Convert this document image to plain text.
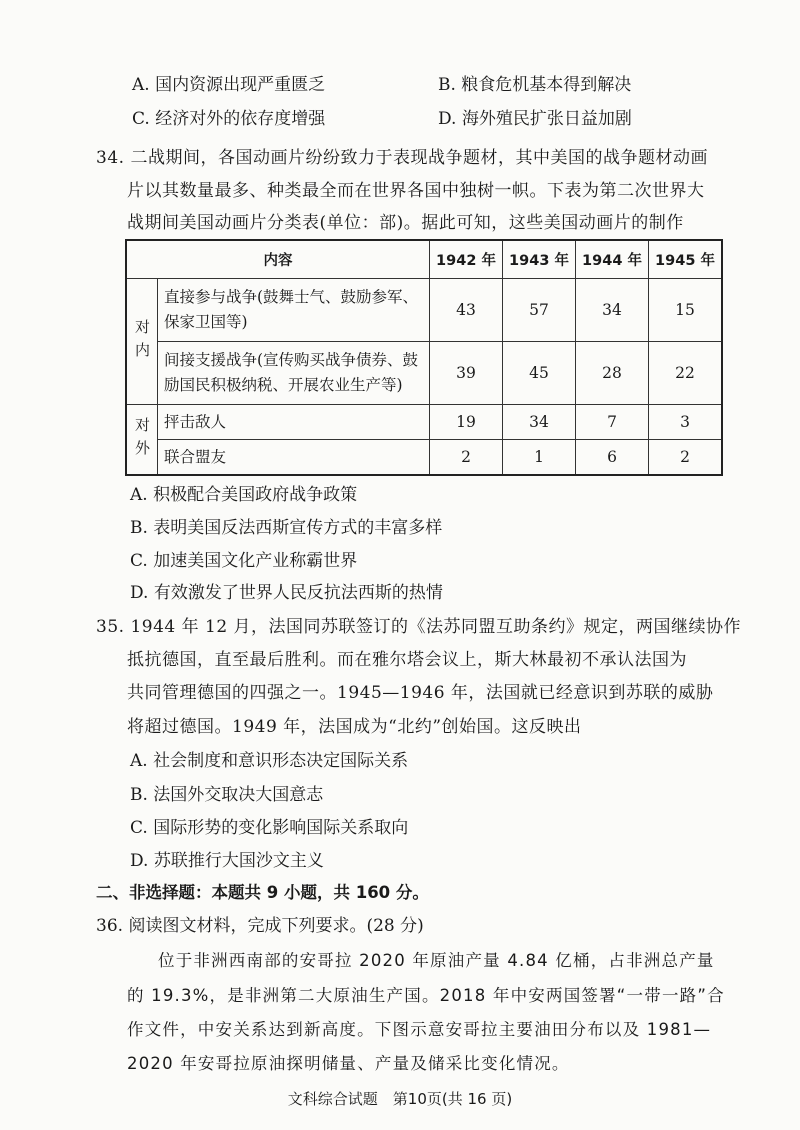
A. 国内资源出现严重匮乏	B. 粮食危机基本得到解决
C. 经济对外的依存度增强	D. 海外殖民扩张日益加剧
34. 二战期间，各国动画片纷纷致力于表现战争题材，其中美国的战争题材动画
片以其数量最多、种类最全而在世界各国中独树一帜。下表为第二次世界大
战期间美国动画片分类表(单位：部)。据此可知，这些美国动画片的制作
内容		1942 年	1943 年	1944 年	1945 年
对内	直接参与战争(鼓舞士气、鼓励参军、
保家卫国等)	43	57	34	15
	间接支援战争(宣传购买战争债券、鼓
励国民积极纳税、开展农业生产等)	39	45	28	22
对外	抨击敌人	19	34	7	3
	联合盟友	2	1	6	2
A. 积极配合美国政府战争政策
B. 表明美国反法西斯宣传方式的丰富多样
C. 加速美国文化产业称霸世界
D. 有效激发了世界人民反抗法西斯的热情
35. 1944 年 12 月，法国同苏联签订的《法苏同盟互助条约》规定，两国继续协作
抵抗德国，直至最后胜利。而在雅尔塔会议上，斯大林最初不承认法国为
共同管理德国的四强之一。1945—1946 年，法国就已经意识到苏联的威胁
将超过德国。1949 年，法国成为“北约”创始国。这反映出
A. 社会制度和意识形态决定国际关系
B. 法国外交取决大国意志
C. 国际形势的变化影响国际关系取向
D. 苏联推行大国沙文主义
二、非选择题：本题共 9 小题，共 160 分。
36. 阅读图文材料，完成下列要求。(28 分)
位于非洲西南部的安哥拉 2020 年原油产量 4.84 亿桶，占非洲总产量
的 19.3%，是非洲第二大原油生产国。2018 年中安两国签署“一带一路”合
作文件，中安关系达到新高度。下图示意安哥拉主要油田分布以及 1981—
2020 年安哥拉原油探明储量、产量及储采比变化情况。
文科综合试题　第10页(共 16 页)
